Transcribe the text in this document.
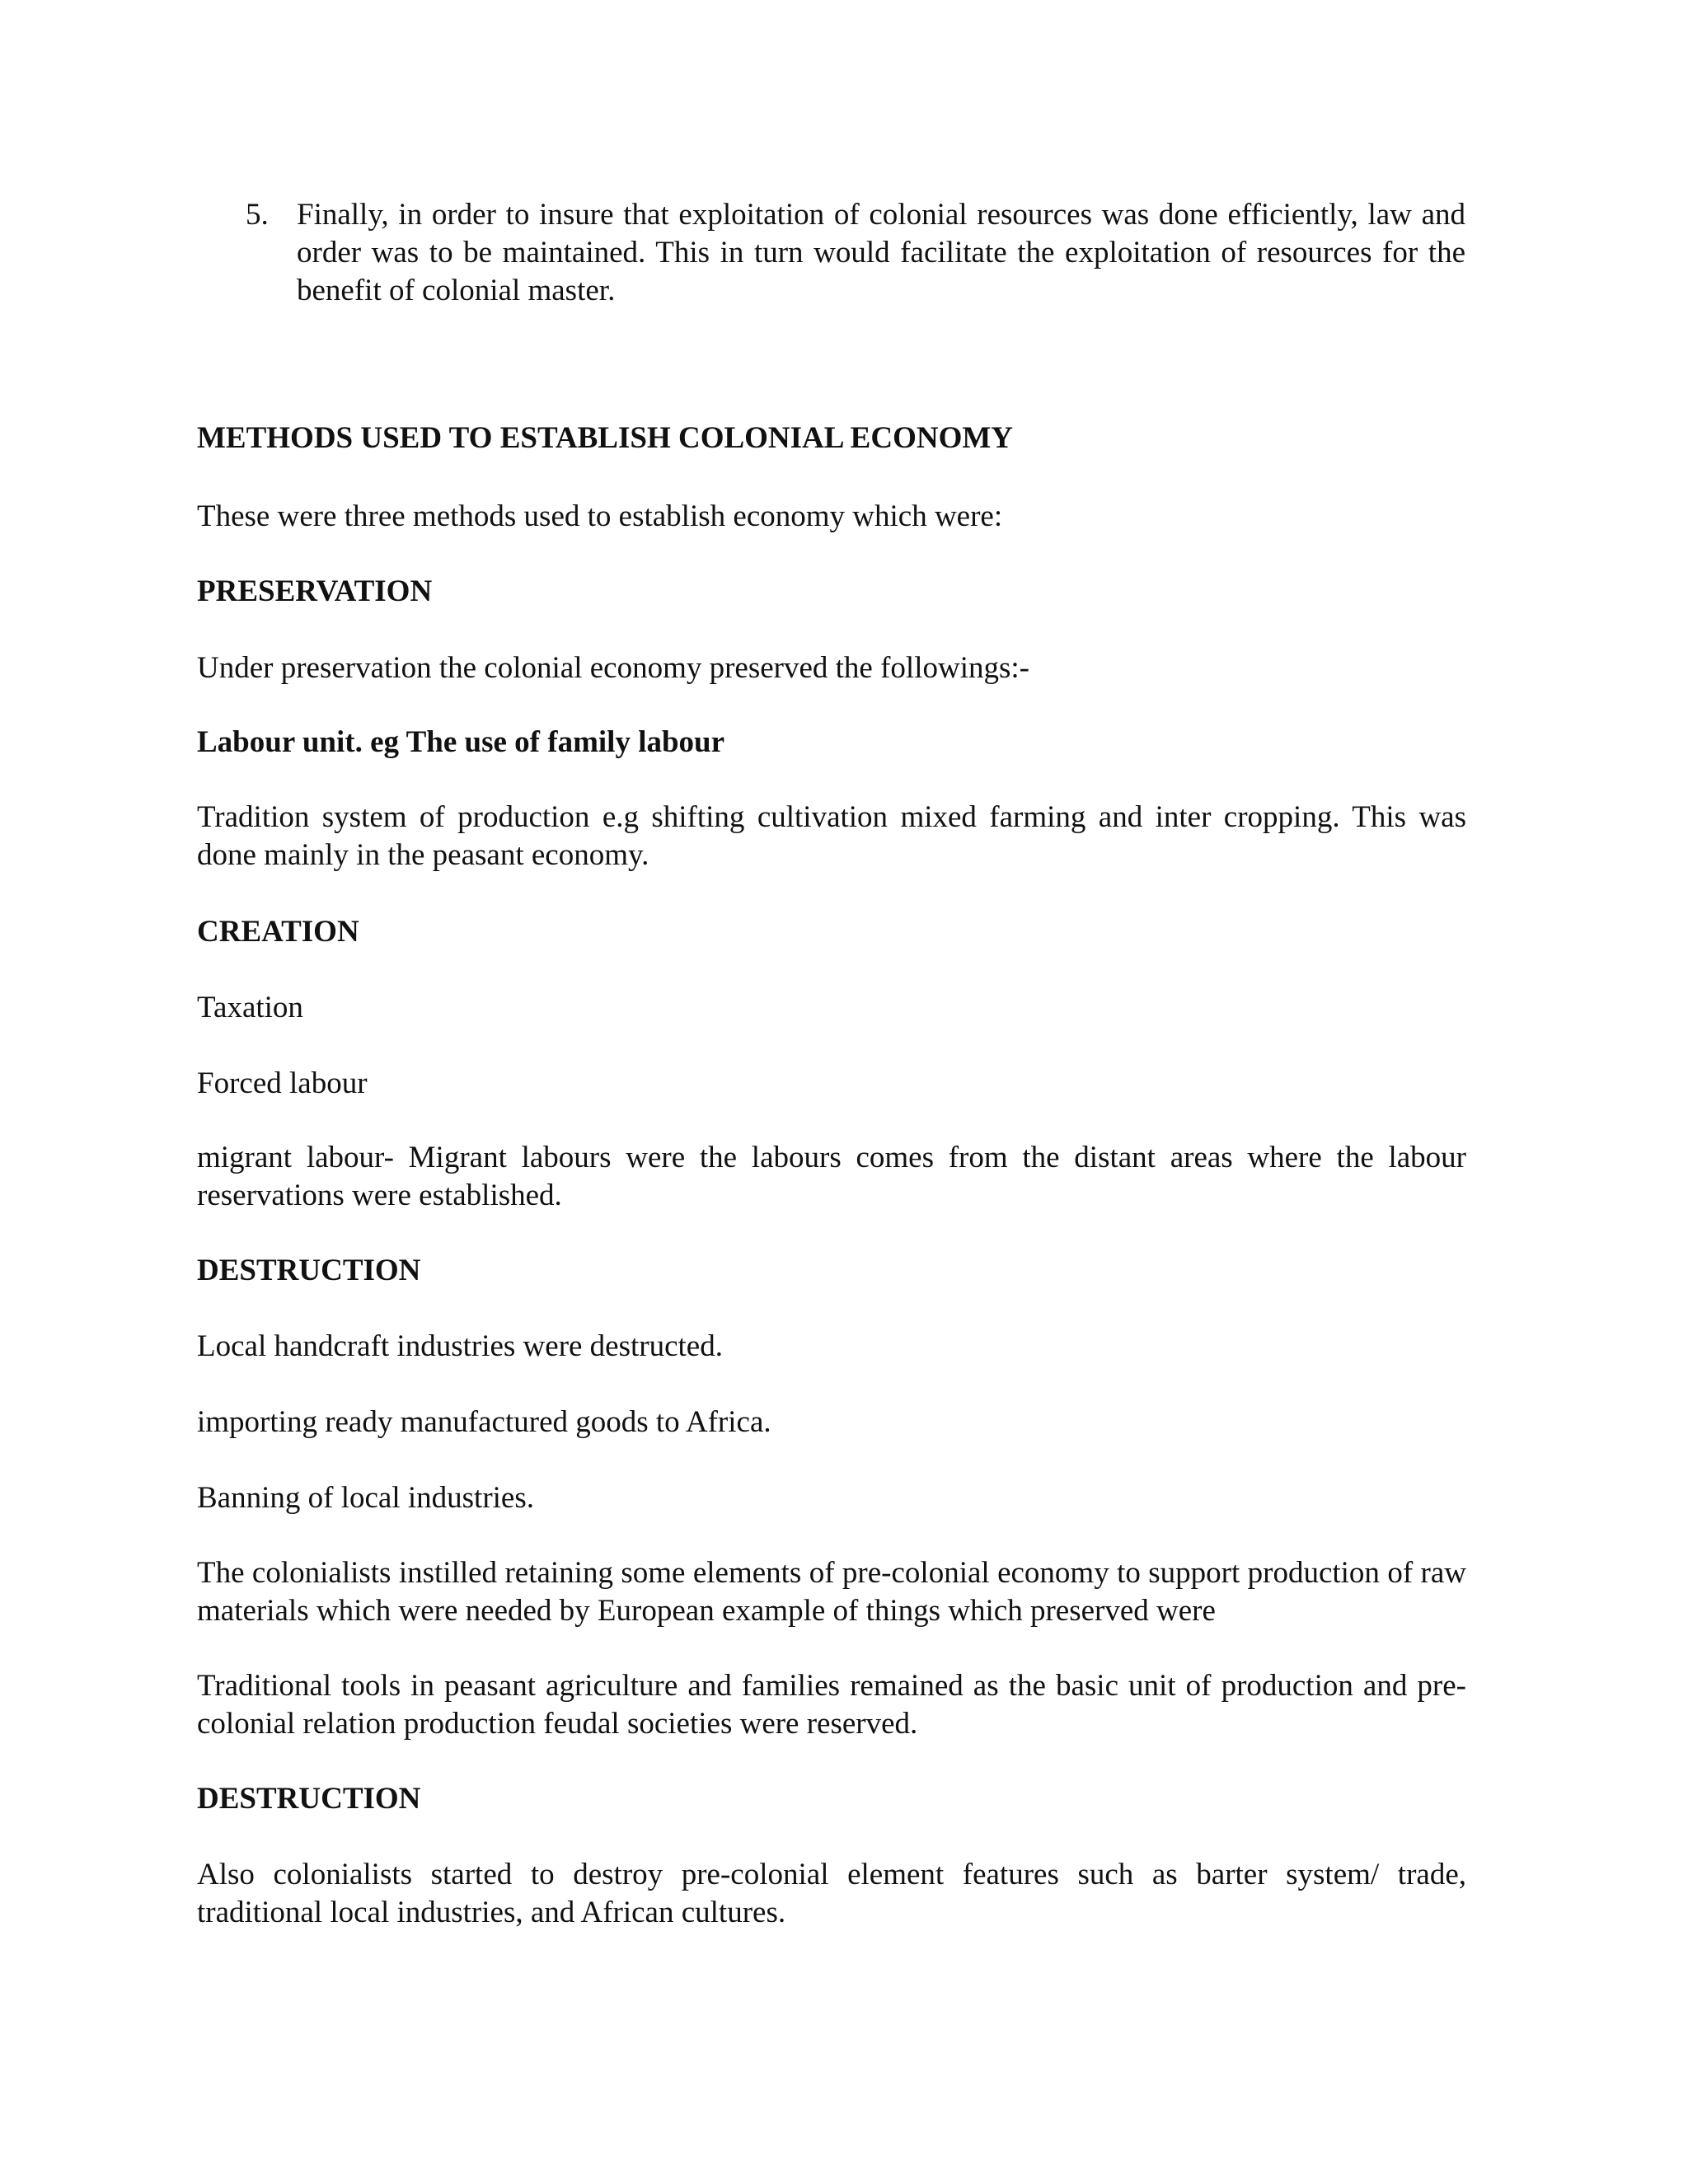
5. Finally, in order to insure that exploitation of colonial resources was done efficiently, law and order was to be maintained. This in turn would facilitate the exploitation of resources for the benefit of colonial master.
METHODS USED TO ESTABLISH COLONIAL ECONOMY
These were three methods used to establish economy which were:
PRESERVATION
Under preservation the colonial economy preserved the followings:-
Labour unit. eg The use of family labour
Tradition system of production e.g shifting cultivation mixed farming and inter cropping. This was done mainly in the peasant economy.
CREATION
Taxation
Forced labour
migrant labour- Migrant labours were the labours comes from the distant areas where the labour reservations were established.
DESTRUCTION
Local handcraft industries were destructed.
importing ready manufactured goods to Africa.
Banning of local industries.
The colonialists instilled retaining some elements of pre-colonial economy to support production of raw materials which were needed by European example of things which preserved were
Traditional tools in peasant agriculture and families remained as the basic unit of production and pre-colonial relation production feudal societies were reserved.
DESTRUCTION
Also colonialists started to destroy pre-colonial element features such as barter system/ trade, traditional local industries, and African cultures.
